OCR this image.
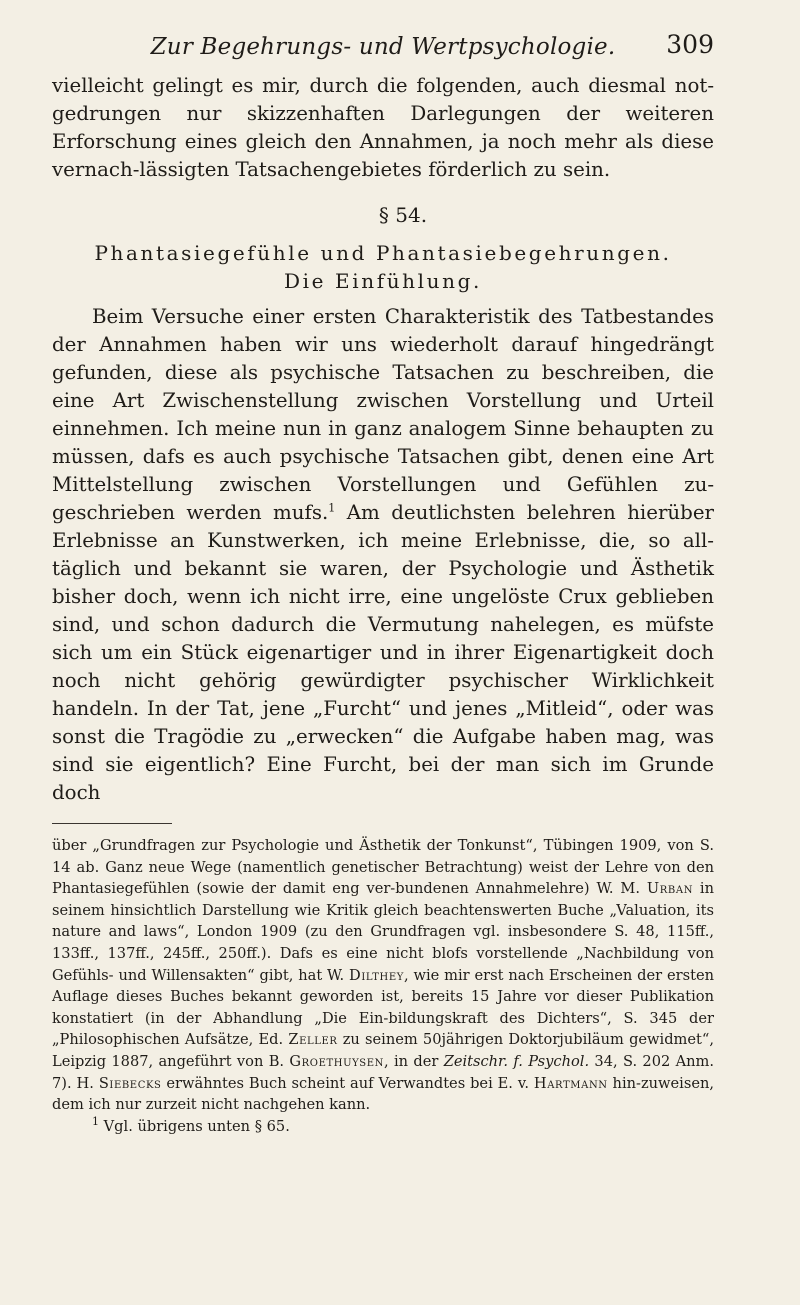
Zur Begehrungs- und Wertpsychologie.	309

vielleicht gelingt es mir, durch die folgenden, auch diesmal not-gedrungen nur skizzenhaften Darlegungen der weiteren Erforschung eines gleich den Annahmen, ja noch mehr als diese vernach-lässigten Tatsachengebietes förderlich zu sein.

§ 54.
Phantasiegefühle und Phantasiebegehrungen.
Die Einfühlung.

Beim Versuche einer ersten Charakteristik des Tatbestandes der Annahmen haben wir uns wiederholt darauf hingedrängt gefunden, diese als psychische Tatsachen zu beschreiben, die eine Art Zwischenstellung zwischen Vorstellung und Urteil einnehmen. Ich meine nun in ganz analogem Sinne behaupten zu müssen, dafs es auch psychische Tatsachen gibt, denen eine Art Mittelstellung zwischen Vorstellungen und Gefühlen zu-geschrieben werden mufs.$^1$ Am deutlichsten belehren hierüber Erlebnisse an Kunstwerken, ich meine Erlebnisse, die, so all-täglich und bekannt sie waren, der Psychologie und Ästhetik bisher doch, wenn ich nicht irre, eine ungelöste Crux geblieben sind, und schon dadurch die Vermutung nahelegen, es müfste sich um ein Stück eigenartiger und in ihrer Eigenartigkeit doch noch nicht gehörig gewürdigter psychischer Wirklichkeit handeln. In der Tat, jene „Furcht“ und jenes „Mitleid“, oder was sonst die Tragödie zu „erwecken“ die Aufgabe haben mag, was sind sie eigentlich? Eine Furcht, bei der man sich im Grunde doch

über „Grundfragen zur Psychologie und Ästhetik der Tonkunst“, Tübingen 1909, von S. 14 ab. Ganz neue Wege (namentlich genetischer Betrachtung) weist der Lehre von den Phantasiegefühlen (sowie der damit eng ver-bundenen Annahmelehre) W. M. Urban in seinem hinsichtlich Darstellung wie Kritik gleich beachtenswerten Buche „Valuation, its nature and laws“, London 1909 (zu den Grundfragen vgl. insbesondere S. 48, 115ff., 133ff., 137ff., 245ff., 250ff.). Dafs es eine nicht blofs vorstellende „Nachbildung von Gefühls- und Willensakten“ gibt, hat W. Dilthey, wie mir erst nach Erscheinen der ersten Auflage dieses Buches bekannt geworden ist, bereits 15 Jahre vor dieser Publikation konstatiert (in der Abhandlung „Die Ein-bildungskraft des Dichters“, S. 345 der „Philosophischen Aufsätze, Ed. Zeller zu seinem 50jährigen Doktorjubiläum gewidmet“, Leipzig 1887, angeführt von B. Groethuysen, in der Zeitschr. f. Psychol. 34, S. 202 Anm. 7). H. Siebecks erwähntes Buch scheint auf Verwandtes bei E. v. Hartmann hin-zuweisen, dem ich nur zurzeit nicht nachgehen kann.

$^1$ Vgl. übrigens unten § 65.
